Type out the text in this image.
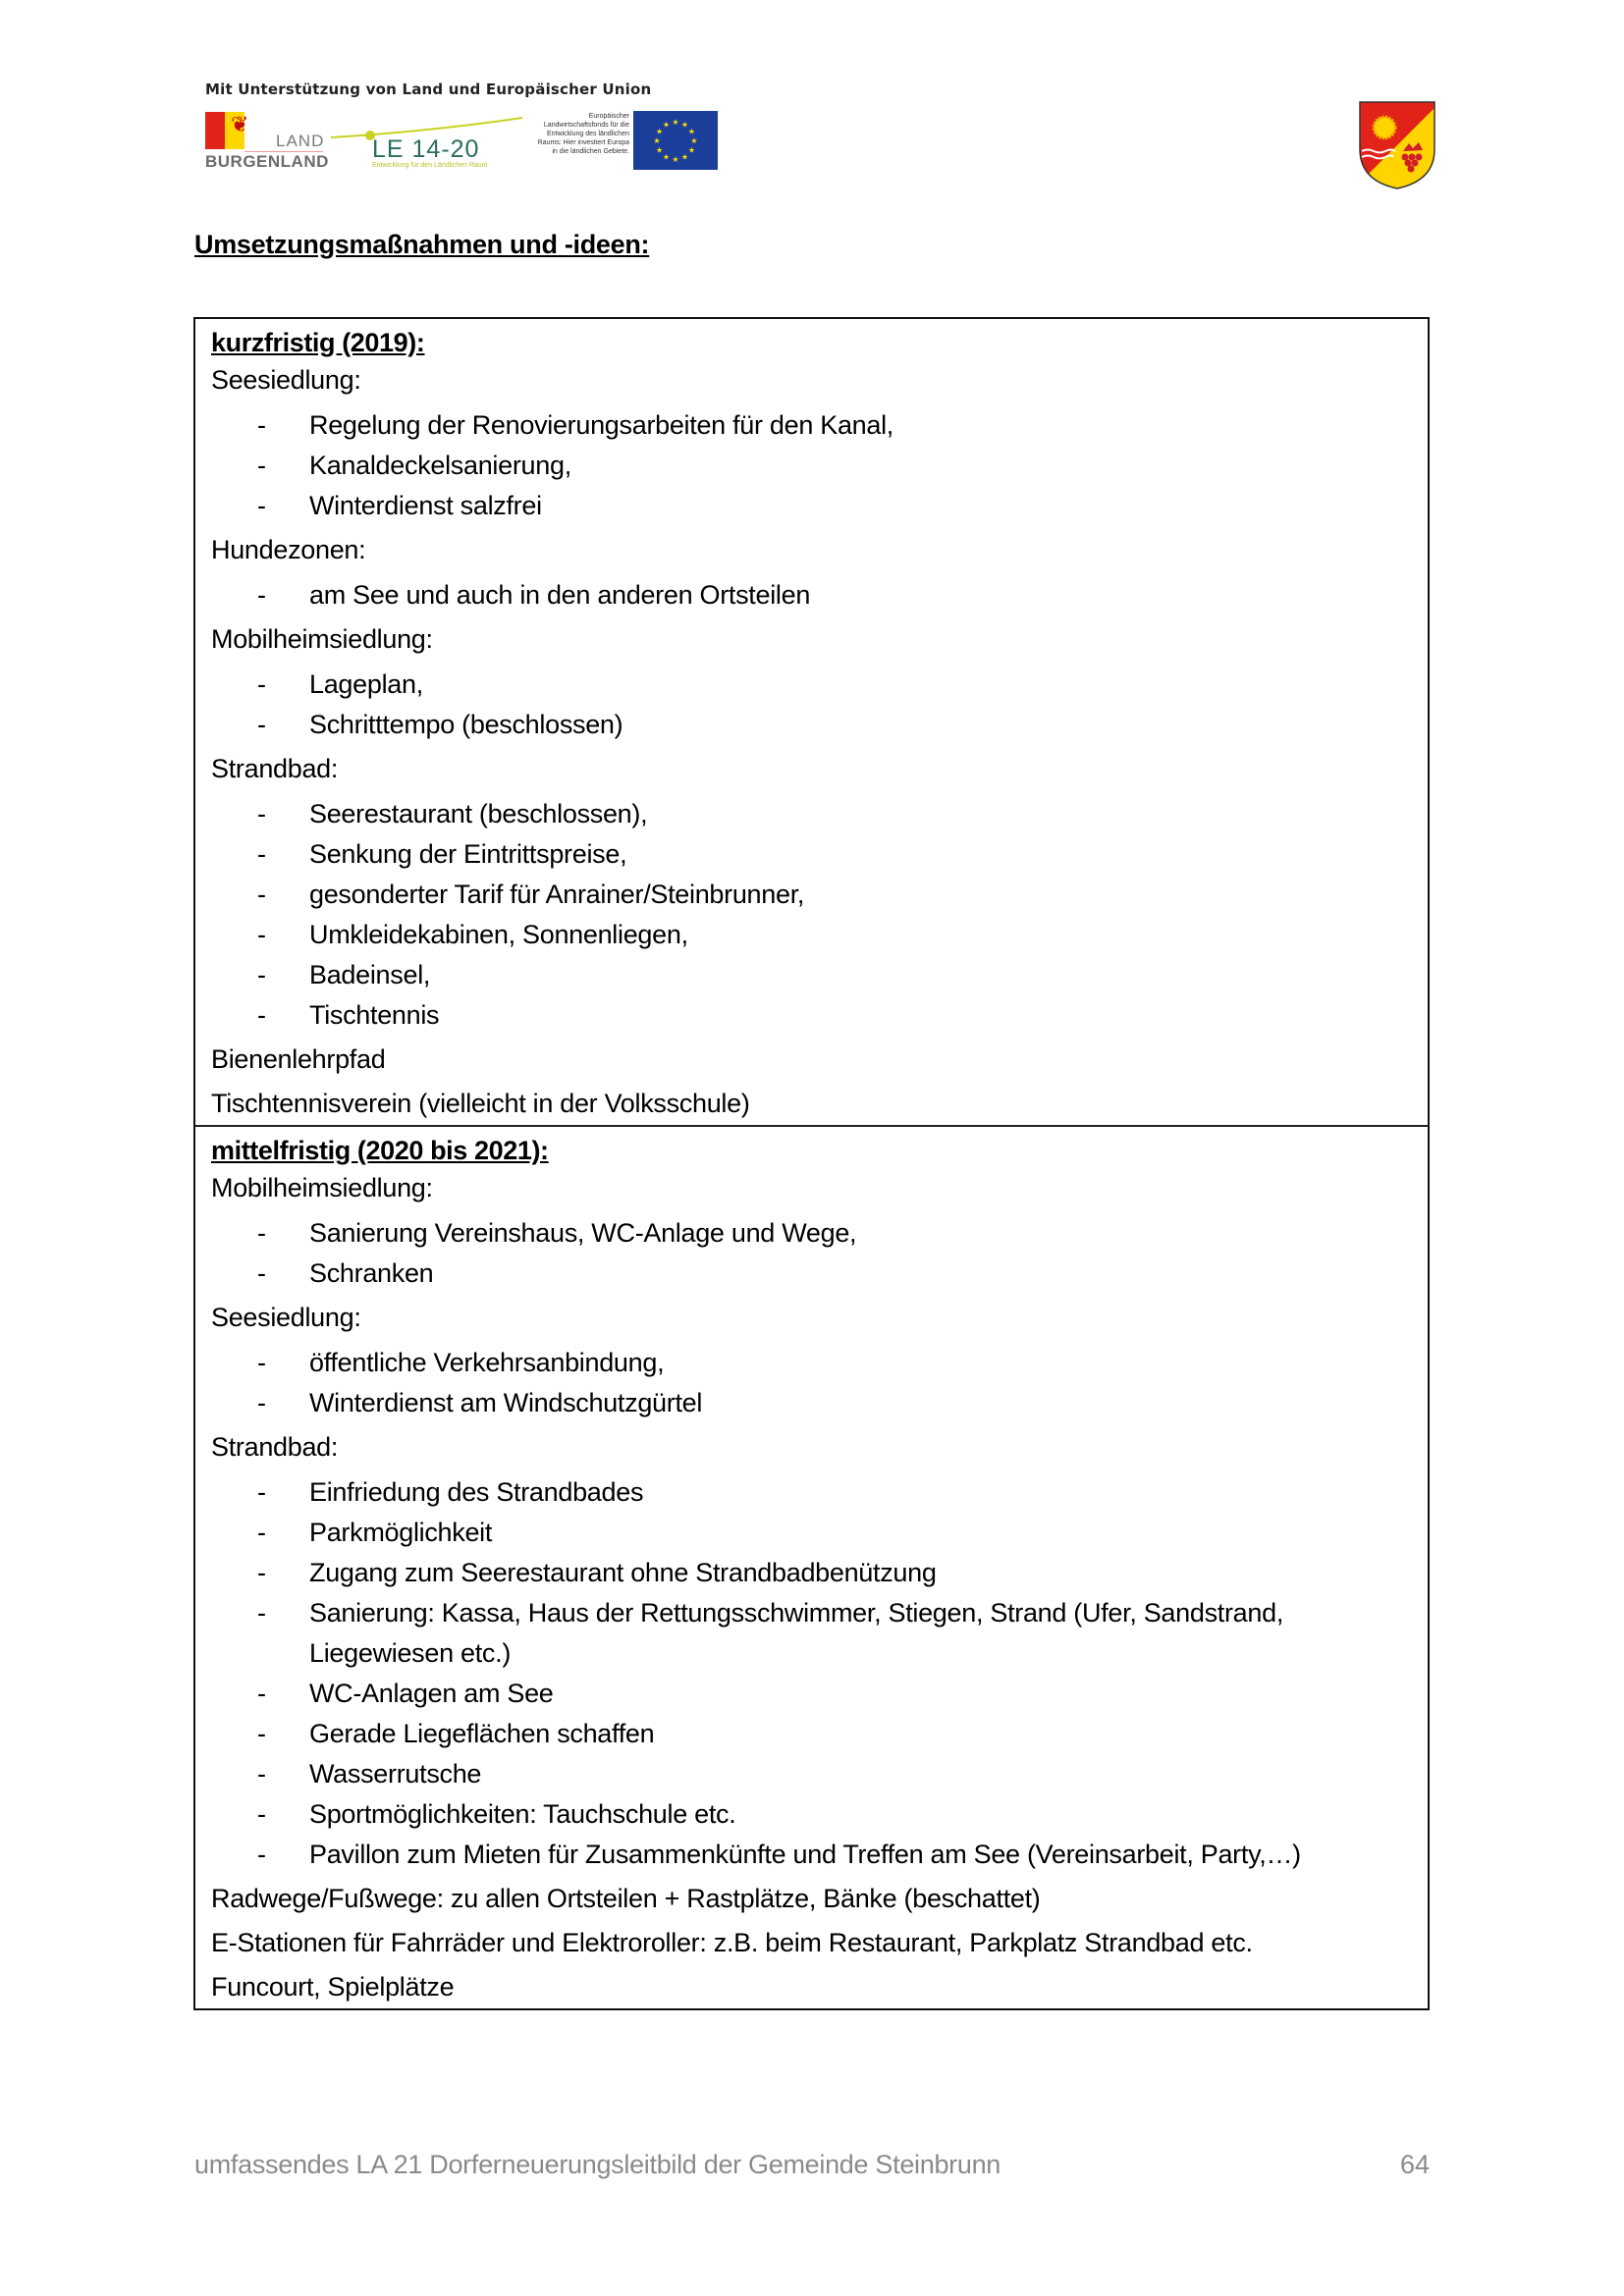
Mit Unterstützung von Land und Europäischer Union
❦
LAND
BURGENLAND LE 14-20
Entwicklung für den Ländlichen Raum
Europäischer Landwirtschaftsfonds für die Entwicklung des ländlichen Raums: Hier investiert Europa in die ländlichen Gebiete.
★ ★
★
★
★
★
★
★
★
★
★
★
Umsetzungsmaßnahmen und -ideen:
kurzfristig (2019):
Seesiedlung:
-	Regelung der Renovierungsarbeiten für den Kanal,
-	Kanaldeckelsanierung,
-	Winterdienst salzfrei
Hundezonen:
-	am See und auch in den anderen Ortsteilen
Mobilheimsiedlung:
-	Lageplan,
-	Schritttempo (beschlossen)
Strandbad:
-	Seerestaurant (beschlossen),
-	Senkung der Eintrittspreise,
-	gesonderter Tarif für Anrainer/Steinbrunner,
-	Umkleidekabinen, Sonnenliegen,
-	Badeinsel,
-	Tischtennis
Bienenlehrpfad
Tischtennisverein (vielleicht in der Volksschule)
mittelfristig (2020 bis 2021):
Mobilheimsiedlung:
-	Sanierung Vereinshaus, WC-Anlage und Wege,
-	Schranken
Seesiedlung:
-	öffentliche Verkehrsanbindung,
-	Winterdienst am Windschutzgürtel
Strandbad:
-	Einfriedung des Strandbades
-	Parkmöglichkeit
-	Zugang zum Seerestaurant ohne Strandbadbenützung
-	Sanierung: Kassa, Haus der Rettungsschwimmer, Stiegen, Strand (Ufer, Sandstrand, Liegewiesen etc.)
-	WC-Anlagen am See
-	Gerade Liegeflächen schaffen
-	Wasserrutsche
-	Sportmöglichkeiten: Tauchschule etc.
-	Pavillon zum Mieten für Zusammenkünfte und Treffen am See (Vereinsarbeit, Party,…)
Radwege/Fußwege: zu allen Ortsteilen + Rastplätze, Bänke (beschattet)
E-Stationen für Fahrräder und Elektroroller: z.B. beim Restaurant, Parkplatz Strandbad etc.
Funcourt, Spielplätze
umfassendes LA 21 Dorferneuerungsleitbild der Gemeinde Steinbrunn	64
